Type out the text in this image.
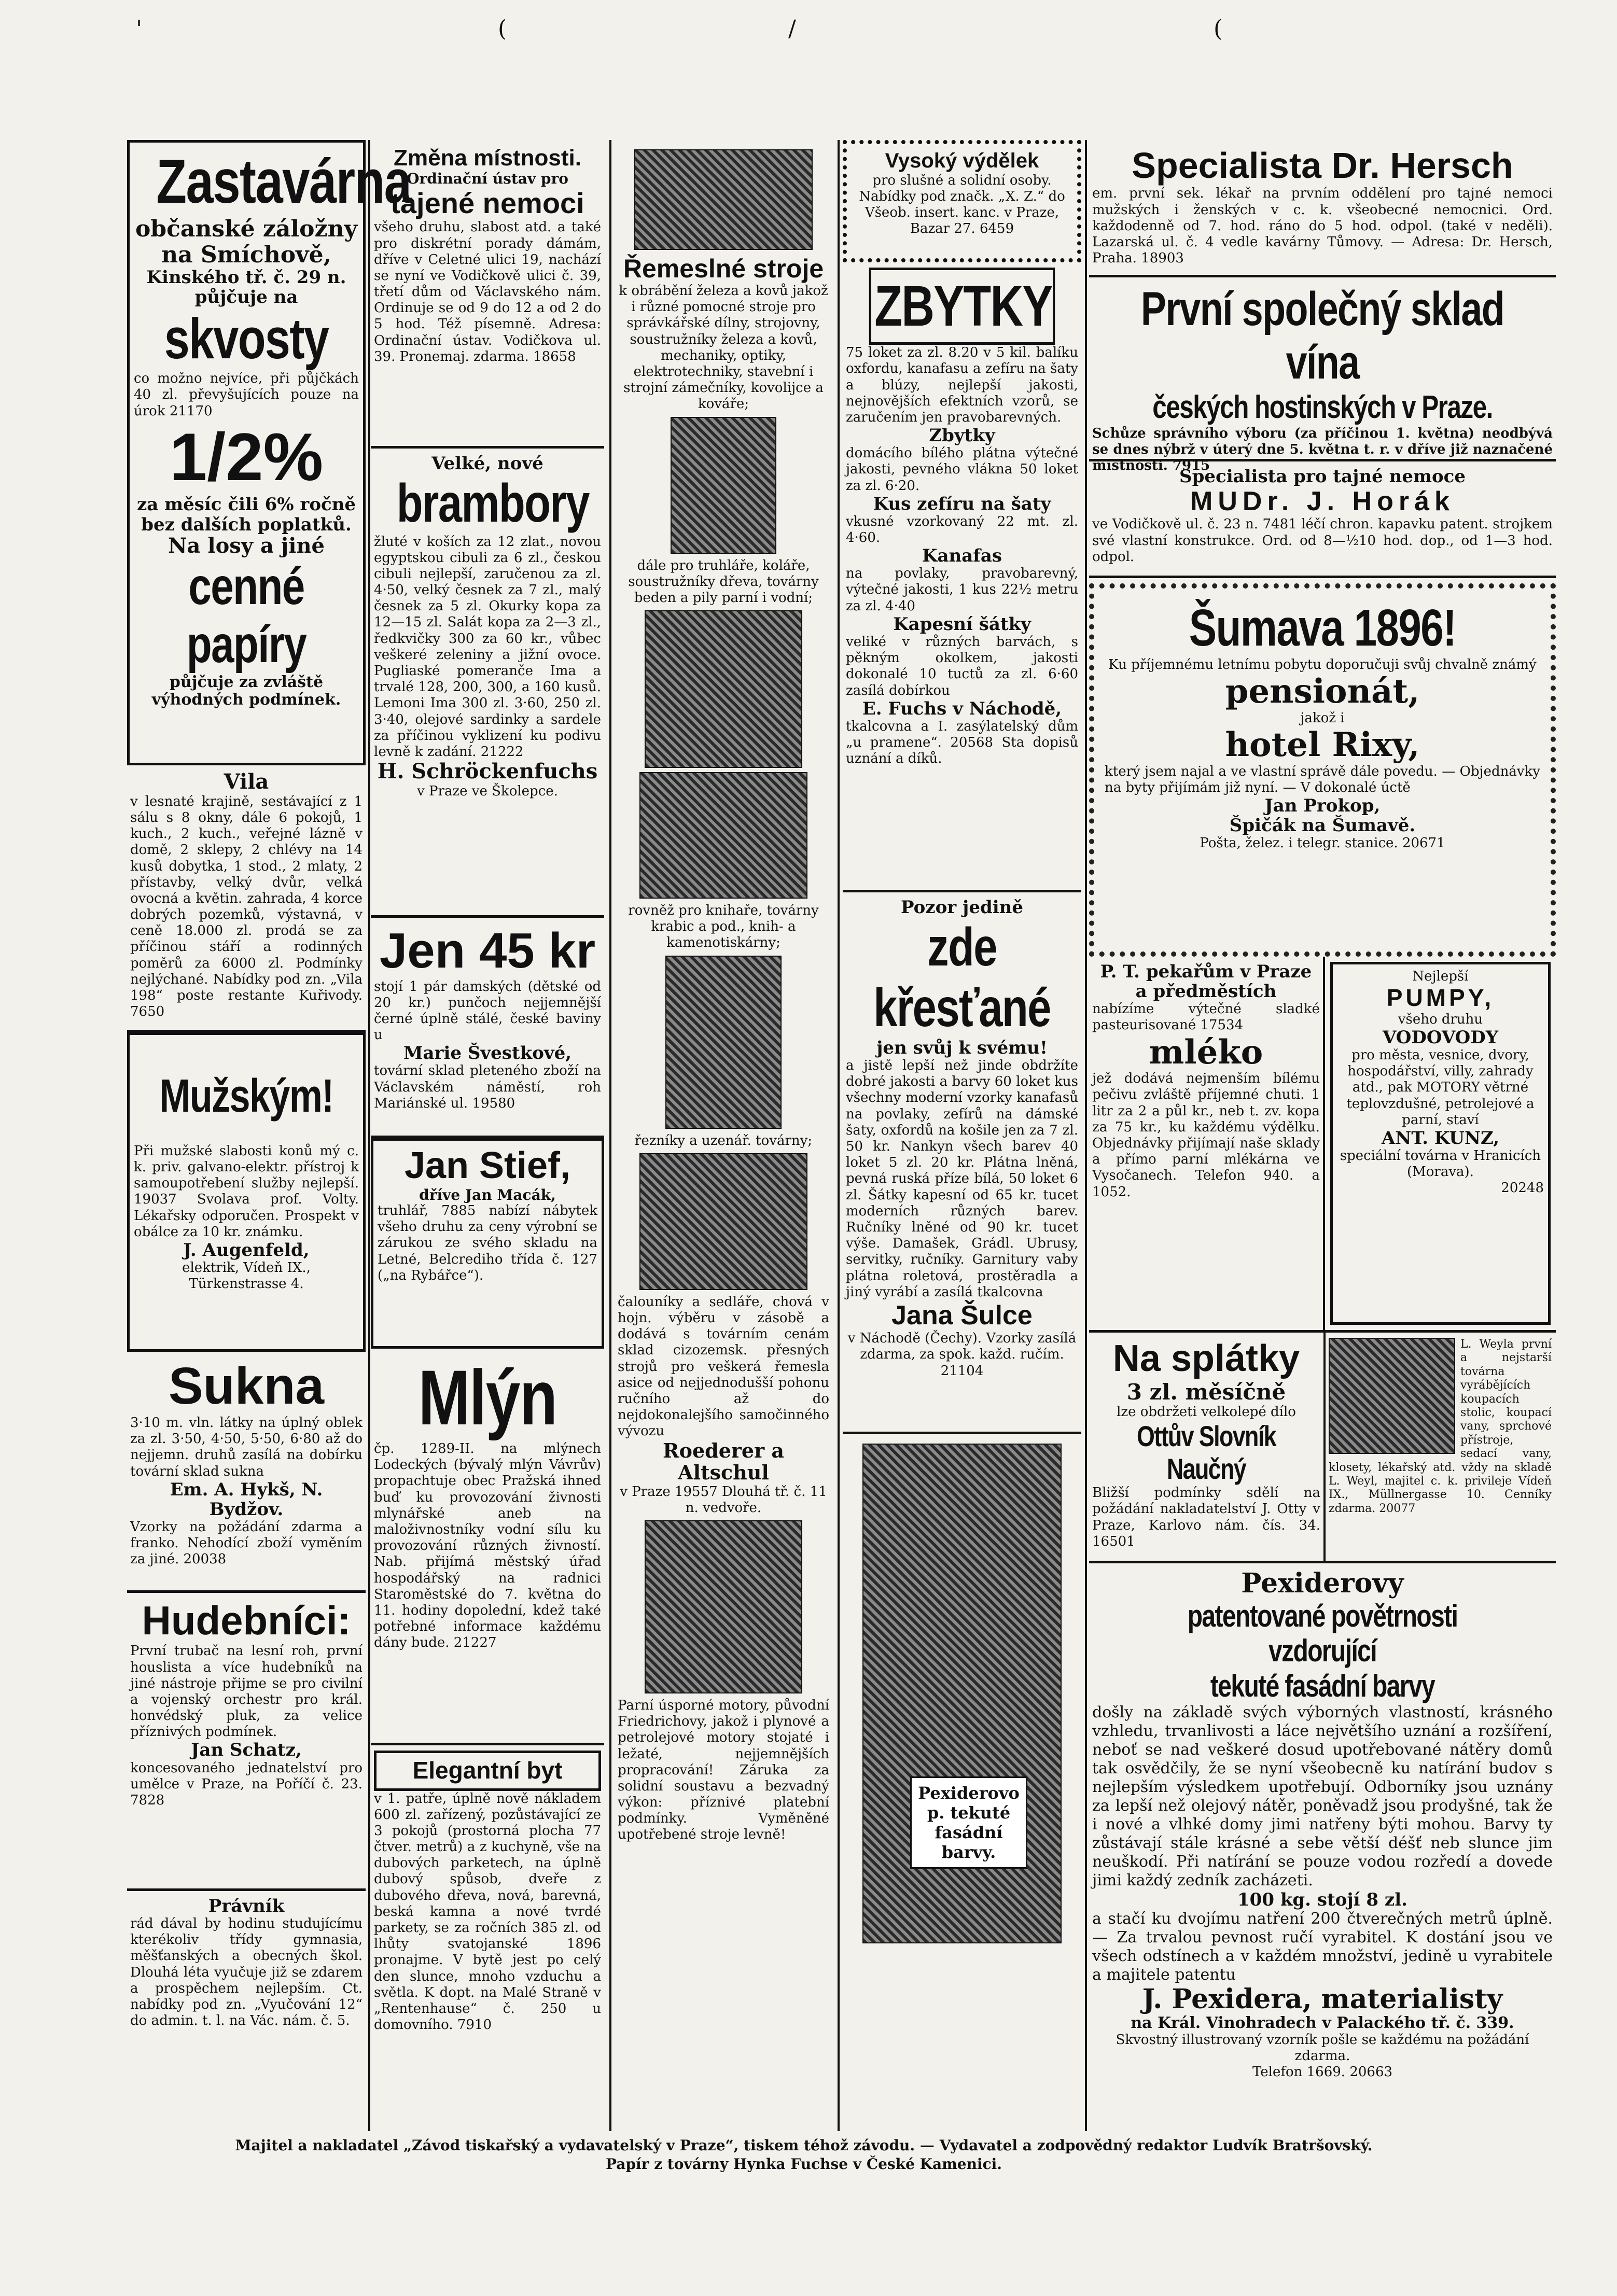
'	(	/	(

Zastavárna

občanské záložny na Smíchově,

Kinského tř. č. 29 n.

půjčuje na

skvosty

co možno nejvíce, při půjčkách 40 zl. převyšujících pouze na úrok 21170

1/2%

za měsíc čili 6% ročně bez dalších poplatků.

Na losy a jiné

cenné papíry

půjčuje za zvláště výhodných podmínek.

Vila

v lesnaté krajině, sestávající z 1 sálu s 8 okny, dále 6 pokojů, 1 kuch., 2 kuch., veřejné lázně v domě, 2 sklepy, 2 chlévy na 14 kusů dobytka, 1 stod., 2 mlaty, 2 přístavby, velký dvůr, velká ovocná a květin. zahrada, 4 korce dobrých pozemků, výstavná, v ceně 18.000 zl. prodá se za příčinou stáří a rodinných poměrů za 6000 zl. Podmínky nejlýchané. Nabídky pod zn. „Vila 198“ poste restante Kuřivody. 7650

Mužským!

Při mužské slabosti konů mý c. k. priv. galvano-elektr. přístroj k samoupotřebení služby nejlepší. 19037 Svolava prof. Volty. Lékařsky odporučen. Prospekt v obálce za 10 kr. známku.

J. Augenfeld,

elektrik, Vídeň IX., Türkenstrasse 4.

Sukna

3·10 m. vln. látky na úplný oblek za zl. 3·50, 4·50, 5·50, 6·80 až do nejjemn. druhů zasílá na dobírku tovární sklad sukna

Em. A. Hykš, N. Bydžov.

Vzorky na požádání zdarma a franko. Nehodící zboží vyměním za jiné. 20038

Hudebníci:

První trubač na lesní roh, první houslista a více hudebníků na jiné nástroje přijme se pro civilní a vojenský orchestr pro král. honvédský pluk, za velice příznivých podmínek.

Jan Schatz,

koncesovaného jednatelství pro umělce v Praze, na Poříčí č. 23. 7828

Právník

rád dával by hodinu studujícímu kterékoliv třídy gymnasia, měšťanských a obecných škol. Dlouhá léta vyučuje již se zdarem a prospěchem nejlepším. Ct. nabídky pod zn. „Vyučování 12“ do admin. t. l. na Vác. nám. č. 5.

Změna místnosti.

Ordinační ústav pro

tajené nemoci

všeho druhu, slabost atd. a také pro diskrétní porady dámám, dříve v Celetné ulici 19, nachází se nyní ve Vodičkově ulici č. 39, třetí dům od Václavského nám. Ordinuje se od 9 do 12 a od 2 do 5 hod. Též písemně. Adresa: Ordinační ústav. Vodičkova ul. 39. Pronemaj. zdarma. 18658

Velké, nové

brambory

žluté v koších za 12 zlat., novou egyptskou cibuli za 6 zl., českou cibuli nejlepší, zaručenou za zl. 4·50, velký česnek za 7 zl., malý česnek za 5 zl. Okurky kopa za 12—15 zl. Salát kopa za 2—3 zl., ředkvičky 300 za 60 kr., vůbec veškeré zeleniny a jižní ovoce. Pugliaské pomeranče Ima a trvalé 128, 200, 300, a 160 kusů. Lemoni Ima 300 zl. 3·60, 250 zl. 3·40, olejové sardinky a sardele za příčinou vyklizení ku podivu levně k zadání. 21222

H. Schröckenfuchs

v Praze ve Školepce.

Jen 45 kr

stojí 1 pár damských (dětské od 20 kr.) punčoch nejjemnější černé úplně stálé, české baviny u

Marie Švestkové,

tovární sklad pleteného zboží na Václavském náměstí, roh Mariánské ul. 19580

Jan Stief,

dříve Jan Macák,

truhlář, 7885 nabízí nábytek všeho druhu za ceny výrobní se zárukou ze svého skladu na Letné, Belcrediho třída č. 127 („na Rybářce“).

Mlýn

čp. 1289-II. na mlýnech Lodeckých (bývalý mlýn Vávrův) propachtuje obec Pražská ihned buď ku provozování živnosti mlynářské aneb na maloživnostníky vodní sílu ku provozování různých živností. Nab. přijímá městský úřad hospodářský na radnici Staroměstské do 7. května do 11. hodiny dopolední, kdež také potřebné informace každému dány bude. 21227

Elegantní byt

v 1. patře, úplně nově nákladem 600 zl. zařízený, pozůstávající ze 3 pokojů (prostorná plocha 77 čtver. metrů) a z kuchyně, vše na dubových parketech, na úplně dubový spůsob, dveře z dubového dřeva, nová, barevná, beská kamna a nové tvrdé parkety, se za ročních 385 zl. od lhůty svatojanské 1896 pronajme. V bytě jest po celý den slunce, mnoho vzduchu a světla. K dopt. na Malé Straně v „Rentenhause“ č. 250 u domovního. 7910

Řemeslné stroje

k obrábění železa a kovů jakož i různé pomocné stroje pro správkářské dílny, strojovny, soustružníky železa a kovů, mechaniky, optiky, elektrotechniky, stavební i strojní zámečníky, kovolijce a kováře;

dále pro truhláře, koláře, soustružníky dřeva, továrny beden a pily parní i vodní;

rovněž pro knihaře, továrny krabic a pod., knih- a kamenotiskárny;

řezníky a uzenář. továrny;

čalouníky a sedláře, chová v hojn. výběru v zásobě a dodává s továrním cenám sklad cizozemsk. přesných strojů pro veškerá řemesla asice od nejjednodušší pohonu ručního až do nejdokonalejšího samočinného vývozu

Roederer a Altschul

v Praze 19557 Dlouhá tř. č. 11 n. vedvoře.

Parní úsporné motory, původní Friedrichovy, jakož i plynové a petrolejové motory stojaté i ležaté, nejjemnějších propracování! Záruka za solidní soustavu a bezvadný výkon: příznivé platební podmínky. Vyměněné upotřebené stroje levně!

Vysoký výdělek

pro slušné a solidní osoby. Nabídky pod značk. „X. Z.“ do Všeob. insert. kanc. v Praze, Bazar 27. 6459

ZBYTKY

75 loket za zl. 8.20 v 5 kil. balíku oxfordu, kanafasu a zefíru na šaty a blúzy, nejlepší jakosti, nejnovějších efektních vzorů, se zaručením jen pravobarevných.

Zbytky

domácího bílého plátna výtečné jakosti, pevného vlákna 50 loket za zl. 6·20.

Kus zefíru na šaty

vkusné vzorkovaný 22 mt. zl. 4·60.

Kanafas

na povlaky, pravobarevný, výtečné jakosti, 1 kus 22½ metru za zl. 4·40

Kapesní šátky

veliké v různých barvách, s pěkným okolkem, jakosti dokonalé 10 tuctů za zl. 6·60 zasílá dobírkou

E. Fuchs v Náchodě,

tkalcovna a I. zasýlatelský dům „u pramene“. 20568 Sta dopisů uznání a díků.

Pozor jedině

zde křesťané

jen svůj k svému!

a jistě lepší než jinde obdržíte dobré jakosti a barvy 60 loket kus všechny moderní vzorky kanafasů na povlaky, zefírů na dámské šaty, oxfordů na košile jen za 7 zl. 50 kr. Nankyn všech barev 40 loket 5 zl. 20 kr. Plátna lněná, pevná ruská příze bílá, 50 loket 6 zl. Šátky kapesní od 65 kr. tucet moderních různých barev. Ručníky lněné od 90 kr. tucet výše. Damašek, Grádl. Ubrusy, servitky, ručníky. Garnitury vaby plátna roletová, prostěradla a jiný vyrábí a zasílá tkalcovna

Jana Šulce

v Náchodě (Čechy). Vzorky zasílá zdarma, za spok. každ. ručím. 21104

Pexiderovo p. tekuté fasádní barvy.

Specialista Dr. Hersch

em. první sek. lékař na prvním oddělení pro tajné nemoci mužských i ženských v c. k. všeobecné nemocnici. Ord. každodenně od 7. hod. ráno do 5 hod. odpol. (také v neděli). Lazarská ul. č. 4 vedle kavárny Tůmovy. — Adresa: Dr. Hersch, Praha. 18903

První společný sklad vína

českých hostinských v Praze.

Schůze správního výboru (za příčinou 1. května) neodbývá se dnes nýbrž v úterý dne 5. května t. r. v dříve již naznačené místnosti. 7915

Specialista pro tajné nemoce

MUDr. J. Horák

ve Vodičkově ul. č. 23 n. 7481 léčí chron. kapavku patent. strojkem své vlastní konstrukce. Ord. od 8—½10 hod. dop., od 1—3 hod. odpol.

Šumava 1896!

Ku příjemnému letnímu pobytu doporučuji svůj chvalně známý

pensionát,

jakož i

hotel Rixy,

který jsem najal a ve vlastní správě dále povedu. — Objednávky na byty přijímám již nyní. — V dokonalé úctě

Jan Prokop,

Špičák na Šumavě.

Pošta, želez. i telegr. stanice. 20671

P. T. pekařům v Praze a předměstích

nabízíme výtečné sladké pasteurisované 17534

mléko

jež dodává nejmenším bílému pečivu zvláště příjemné chuti. 1 litr za 2 a půl kr., neb t. zv. kopa za 75 kr., ku každému výdělku. Objednávky přijímají naše sklady a přímo parní mlékárna ve Vysočanech. Telefon 940. a 1052.

Nejlepší

PUMPY,

všeho druhu

VODOVODY

pro města, vesnice, dvory, hospodářství, villy, zahrady atd., pak MOTORY větrné teplovzdušné, petrolejové a parní, staví

ANT. KUNZ,

speciální továrna v Hranicích (Moravа).

20248

Na splátky

3 zl. měsíčně

lze obdržeti velkolepé dílo

Ottův Slovník Naučný

Bližší podmínky sdělí na požádání nakladatelství J. Otty v Praze, Karlovo nám. čís. 34. 16501

L. Weyla první a nejstarší továrna vyrábějících koupacích stolic, koupací vany, sprchové přístroje, sedací vany, klosety, lékařský atd. vždy na skladě L. Weyl, majitel c. k. privileje Vídeň IX., Müllnergasse 10. Cenníky zdarma. 20077

Pexiderovy

patentované povětrnosti vzdorující

tekuté fasádní barvy

došly na základě svých výborných vlastností, krásného vzhledu, trvanlivosti a láce největšího uznání a rozšíření, neboť se nad veškeré dosud upotřebované nátěry domů tak osvědčily, že se nyní všeobecně ku natírání budov s nejlepším výsledkem upotřebují. Odborníky jsou uznány za lepší než olejový nátěr, poněvadž jsou prodyšné, tak že i nové a vlhké domy jimi natřeny býti mohou. Barvy ty zůstávají stále krásné a sebe větší déšť neb slunce jim neuškodí. Při natírání se pouze vodou rozředí a dovede jimi každý zedník zacházeti.

100 kg. stojí 8 zl.

a stačí ku dvojímu natření 200 čtverečných metrů úplně. — Za trvalou pevnost ručí vyrabitel. K dostání jsou ve všech odstínech a v každém množství, jedině u vyrabitele a majitele patentu

J. Pexidera, materialisty

na Král. Vinohradech v Palackého tř. č. 339.

Skvostný illustrovaný vzorník pošle se každému na požádání zdarma.

Telefon 1669. 20663

Majitel a nakladatel „Závod tiskařský a vydavatelský v Praze“, tiskem téhož závodu. — Vydavatel a zodpovědný redaktor Ludvík Bratršovský.
Papír z továrny Hynka Fuchse v České Kamenici.
